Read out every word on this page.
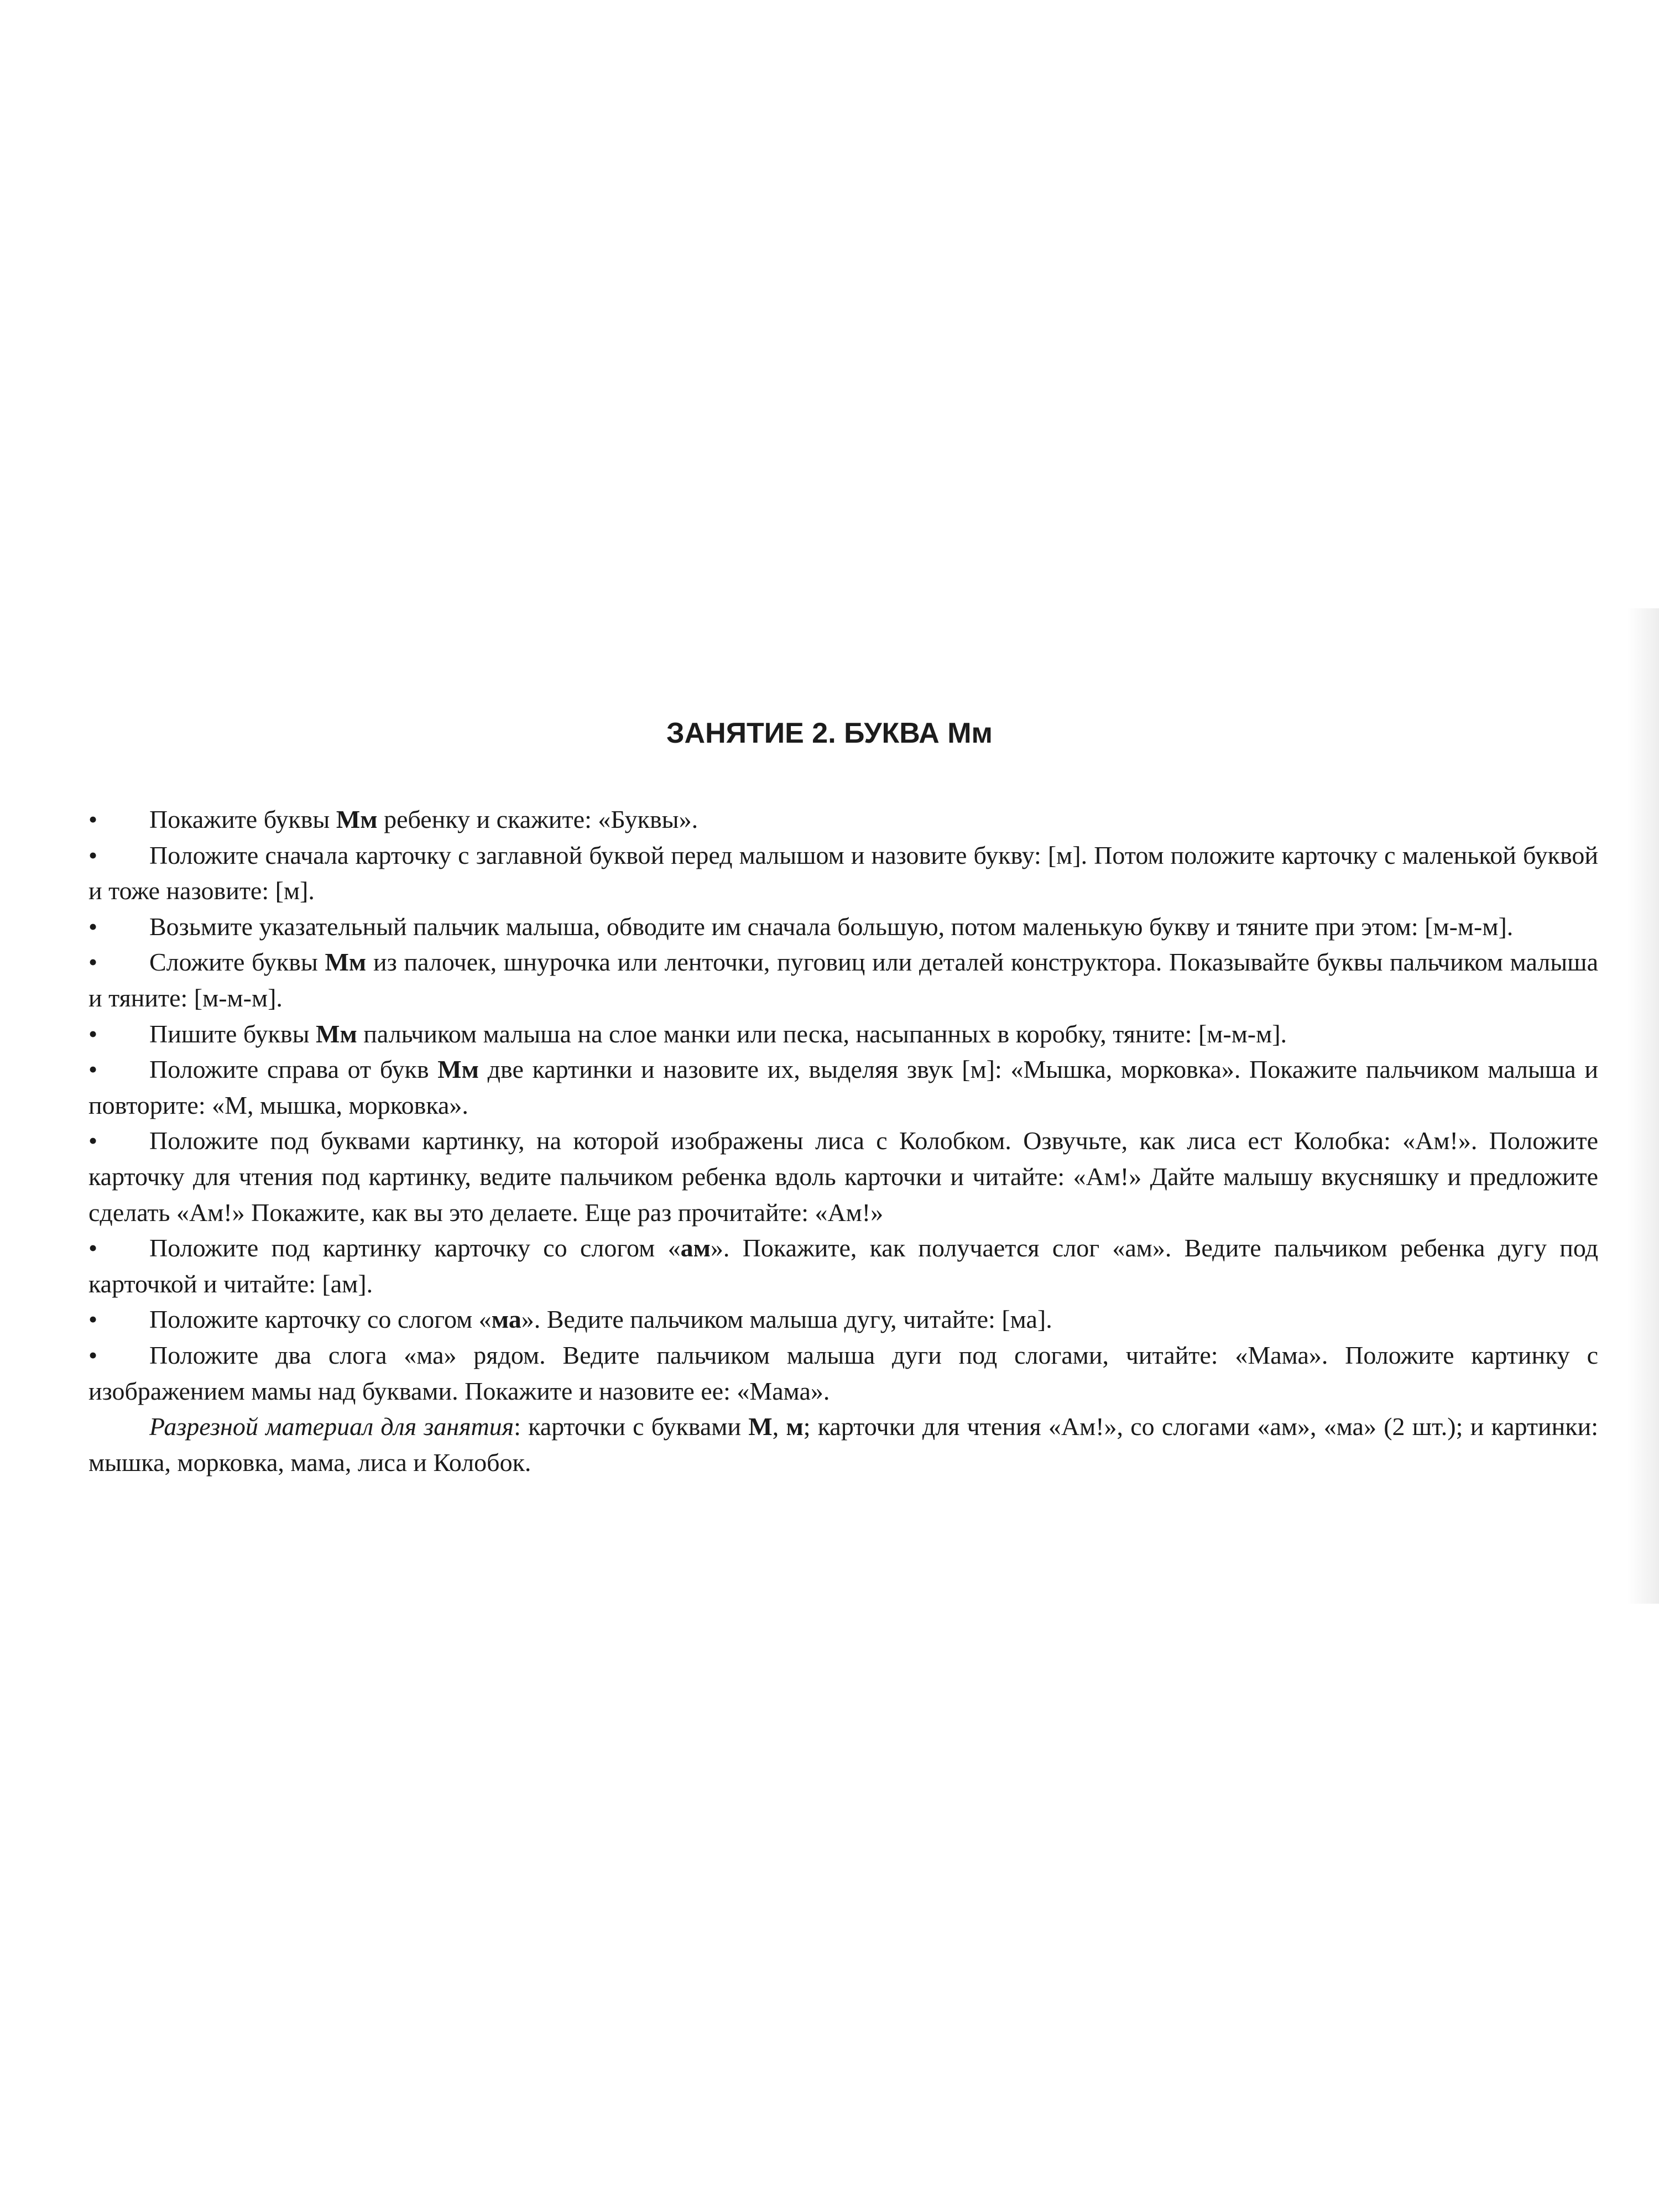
ЗАНЯТИЕ 2. БУКВА Мм

• Покажите буквы Мм ребенку и скажите: «Буквы».

• Положите сначала карточку с заглавной буквой перед малышом и назовите букву: [м]. Потом положите карточку с маленькой буквой и тоже назовите: [м].

• Возьмите указательный пальчик малыша, обводите им сначала большую, потом маленькую букву и тяните при этом: [м-м-м].

• Сложите буквы Мм из палочек, шнурочка или ленточки, пуговиц или деталей конструктора. Показывайте буквы пальчиком малыша и тяните: [м-м-м].

• Пишите буквы Мм пальчиком малыша на слое манки или песка, насыпанных в коробку, тяните: [м-м-м].

• Положите справа от букв Мм две картинки и назовите их, выделяя звук [м]: «Мышка, морковка». Покажите пальчиком малыша и повторите: «М, мышка, морковка».

• Положите под буквами картинку, на которой изображены лиса с Колобком. Озвучьте, как лиса ест Колобка: «Ам!». Положите карточку для чтения под картинку, ведите пальчиком ребенка вдоль карточки и читайте: «Ам!» Дайте малышу вкусняшку и предложите сделать «Ам!» Покажите, как вы это делаете. Еще раз прочитайте: «Ам!»

• Положите под картинку карточку со слогом «ам». Покажите, как получается слог «ам». Ведите пальчиком ребенка дугу под карточкой и читайте: [ам].

• Положите карточку со слогом «ма». Ведите пальчиком малыша дугу, читайте: [ма].

• Положите два слога «ма» рядом. Ведите пальчиком малыша дуги под слогами, читайте: «Мама». Положите картинку с изображением мамы над буквами. Покажите и назовите ее: «Мама».

Разрезной материал для занятия: карточки с буквами М, м; карточки для чтения «Ам!», со слогами «ам», «ма» (2 шт.); и картинки: мышка, морковка, мама, лиса и Колобок.
